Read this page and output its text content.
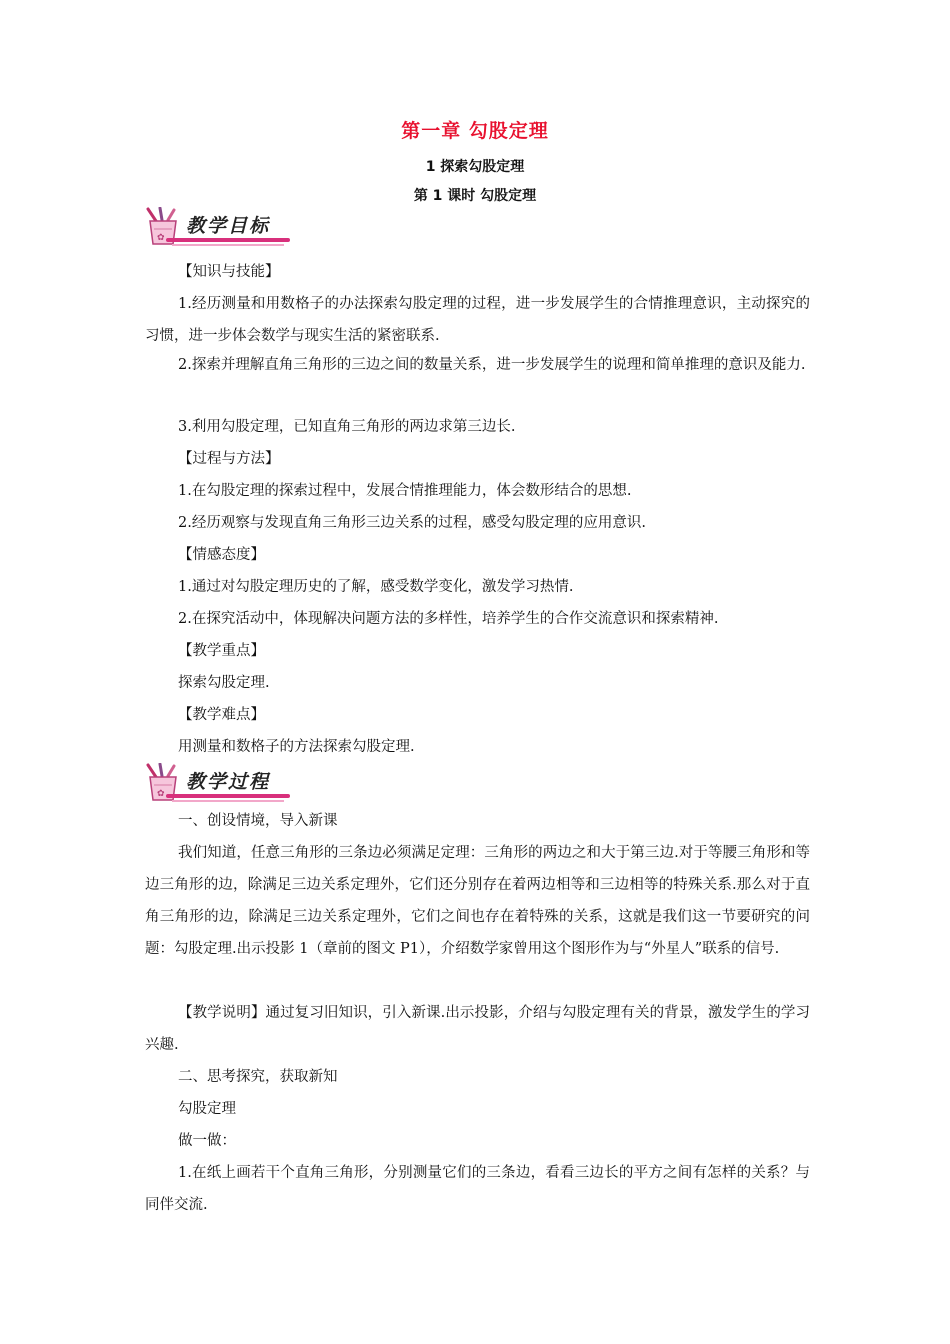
第一章 勾股定理
1 探索勾股定理
第 1 课时 勾股定理
✿
教学目标

【知识与技能】

1.经历测量和用数格子的办法探索勾股定理的过程，进一步发展学生的合情推理意识，主动探究的习惯，进一步体会数学与现实生活的紧密联系.

2.探索并理解直角三角形的三边之间的数量关系，进一步发展学生的说理和简单推理的意识及能力.

3.利用勾股定理，已知直角三角形的两边求第三边长.

【过程与方法】

1.在勾股定理的探索过程中，发展合情推理能力，体会数形结合的思想.

2.经历观察与发现直角三角形三边关系的过程，感受勾股定理的应用意识.

【情感态度】

1.通过对勾股定理历史的了解，感受数学变化，激发学习热情.

2.在探究活动中，体现解决问题方法的多样性，培养学生的合作交流意识和探索精神.

【教学重点】

探索勾股定理.

【教学难点】

用测量和数格子的方法探索勾股定理.

✿
教学过程

一、创设情境，导入新课

我们知道，任意三角形的三条边必须满足定理：三角形的两边之和大于第三边.对于等腰三角形和等边三角形的边，除满足三边关系定理外，它们还分别存在着两边相等和三边相等的特殊关系.那么对于直角三角形的边，除满足三边关系定理外，它们之间也存在着特殊的关系，这就是我们这一节要研究的问题：勾股定理.出示投影 1（章前的图文 P1），介绍数学家曾用这个图形作为与“外星人”联系的信号.

【教学说明】通过复习旧知识，引入新课.出示投影，介绍与勾股定理有关的背景，激发学生的学习兴趣.

二、思考探究，获取新知

勾股定理

做一做：

1.在纸上画若干个直角三角形，分别测量它们的三条边，看看三边长的平方之间有怎样的关系？与同伴交流.
